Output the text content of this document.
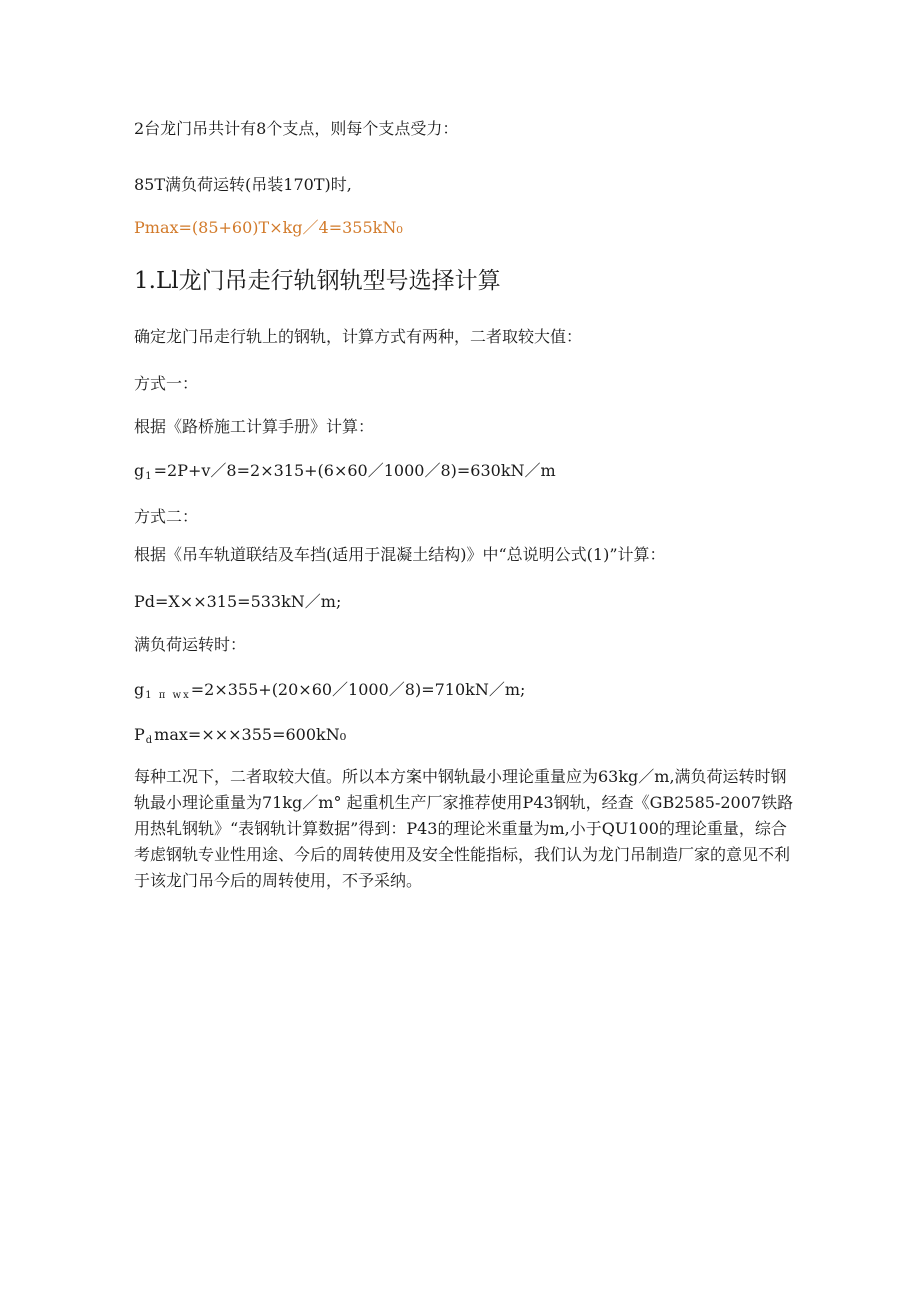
2台龙门吊共计有8个支点，则每个支点受力：
85T满负荷运转(吊装170T)时,
Pmax=(85+60)T×kg／4=355kN₀
1.Ll龙门吊走行轨钢轨型号选择计算
确定龙门吊走行轨上的钢轨，计算方式有两种，二者取较大值：
方式一：
根据《路桥施工计算手册》计算：
$g_1=2P+v/8=2\times 315+(6\times 60/1000/8)=630kN/m$
方式二：
根据《吊车轨道联结及车挡(适用于混凝土结构)》中“总说明公式(1)”计算：
Pd=X××315=533kN／m;
满负荷运转时：
$g_{1 \pi wx}=2\times 355+(20\times 60/1000/8)=710kN/m$;
$P_d\max=\times\times\times 355=600kN_0$
每种工况下，二者取较大值。所以本方案中钢轨最小理论重量应为63kg／m,满负荷运转时钢轨最小理论重量为71kg／m° 起重机生产厂家推荐使用P43钢轨，经查《GB2585-2007铁路用热轧钢轨》“表钢轨计算数据”得到：P43的理论米重量为m,小于QU100的理论重量，综合考虑钢轨专业性用途、今后的周转使用及安全性能指标，我们认为龙门吊制造厂家的意见不利于该龙门吊今后的周转使用，不予采纳。
